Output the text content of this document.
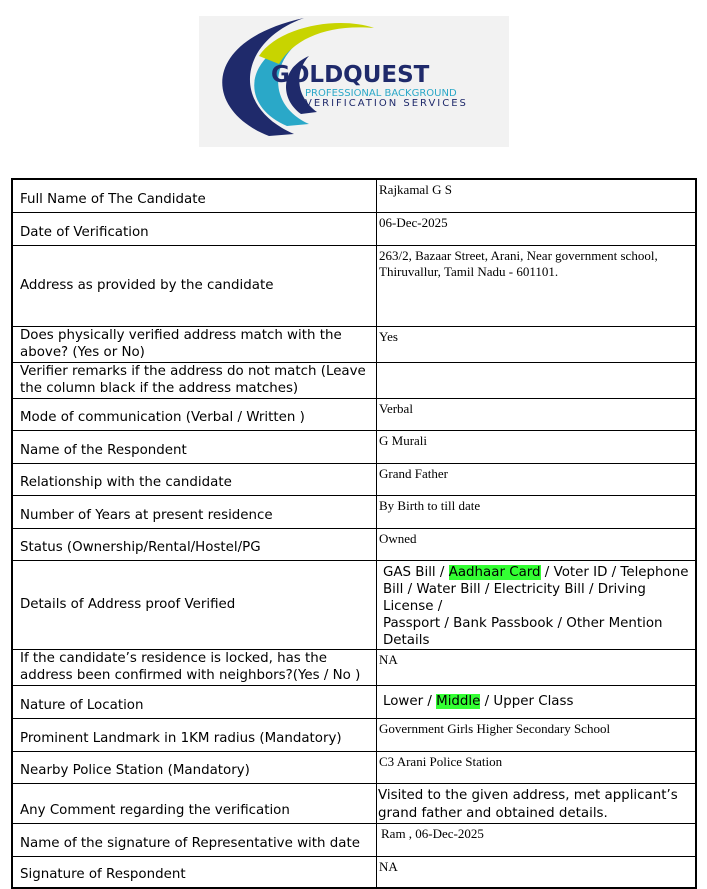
GOLDQUEST
PROFESSIONAL BACKGROUND
VERIFICATION SERVICES
Full Name of The Candidate	Rajkamal G S

Date of Verification	06-Dec-2025

Address as provided by the candidate	263/2, Bazaar Street, Arani, Near government school, Thiruvallur, Tamil Nadu - 601101.

Does physically verified address match with the above? (Yes or No)	Yes

Verifier remarks if the address do not match (Leave the column black if the address matches)	

Mode of communication (Verbal / Written )	Verbal

Name of the Respondent	G Murali

Relationship with the candidate	Grand Father

Number of Years at present residence	By Birth to till date

Status (Ownership/Rental/Hostel/PG	Owned

Details of Address proof Verified	GAS Bill / Aadhaar Card / Voter ID / Telephone
Bill / Water Bill / Electricity Bill / Driving License /
Passport / Bank Passbook / Other Mention Details

If the candidate’s residence is locked, has the address been confirmed with neighbors?(Yes / No )	NA

Nature of Location	Lower / Middle / Upper Class

Prominent Landmark in 1KM radius (Mandatory)	Government Girls Higher Secondary School

Nearby Police Station (Mandatory)	C3 Arani Police Station

Any Comment regarding the verification	Visited to the given address, met applicant’s grand father and obtained details.

Name of the signature of Representative with date	Ram , 06-Dec-2025

Signature of Respondent	NA
